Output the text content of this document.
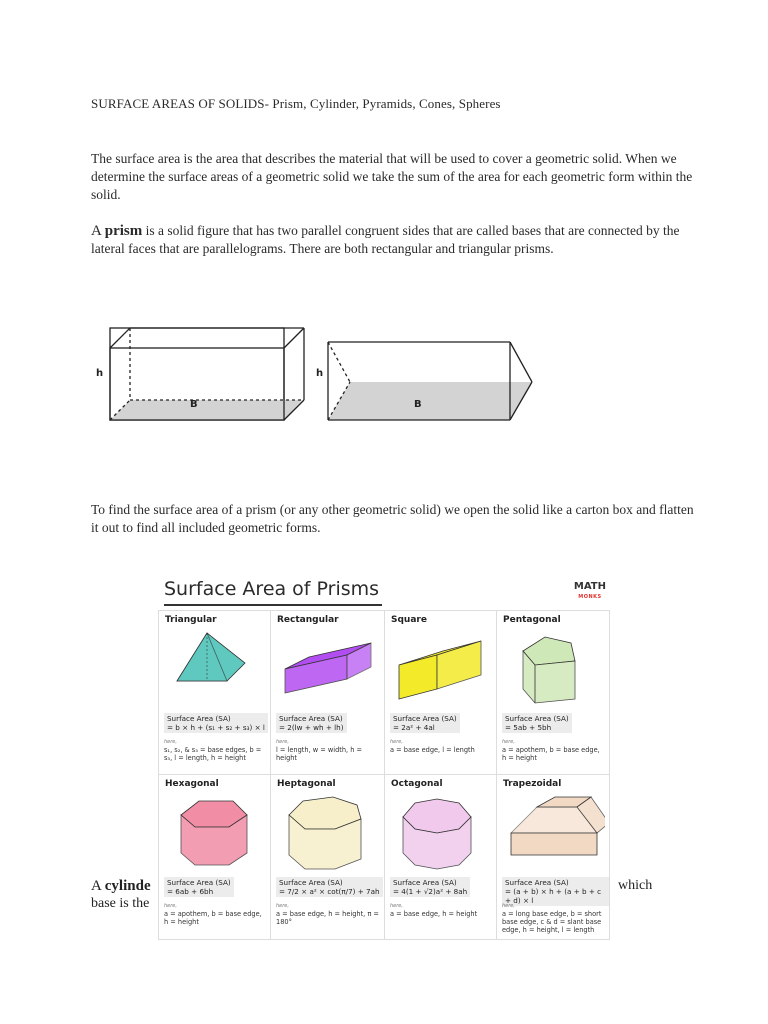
SURFACE AREAS OF SOLIDS- Prism, Cylinder, Pyramids, Cones, Spheres
The surface area is the area that describes the material that will be used to cover a geometric solid. When we determine the surface areas of a geometric solid we take the sum of the area for each geometric form within the solid.
A prism is a solid figure that has two parallel congruent sides that are called bases that are connected by the lateral faces that are parallelograms. There are both rectangular and triangular prisms.
h
B
h
B
To find the surface area of a prism (or any other geometric solid) we open the solid like a carton box and flatten it out to find all included geometric forms.
Surface Area of Prisms	MATH
MONKS
Triangular
Surface Area (SA)
= b × h + (s₁ + s₂ + s₃) × l
here,
s₁, s₂, & s₃ = base edges, b = s₃, l = length, h = height
Rectangular
Surface Area (SA)
= 2(lw + wh + lh)
here,
l = length, w = width, h = height
Square
Surface Area (SA)
= 2a² + 4al
here,
a = base edge, l = length
Pentagonal
Surface Area (SA)
= 5ab + 5bh
here,
a = apothem, b = base edge, h = height
Hexagonal
Surface Area (SA)
= 6ab + 6bh
here,
a = apothem, b = base edge, h = height
Heptagonal
Surface Area (SA)
= 7/2 × a² × cot(π/7) + 7ah
here,
a = base edge, h = height, π = 180°
Octagonal
Surface Area (SA)
= 4(1 + √2)a² + 8ah
here,
a = base edge, h = height
Trapezoidal
Surface Area (SA)
= (a + b) × h + (a + b + c + d) × l
here,
a = long base edge, b = short base edge, c & d = slant base edge, h = height, l = length
A cylinde	which
base is the
